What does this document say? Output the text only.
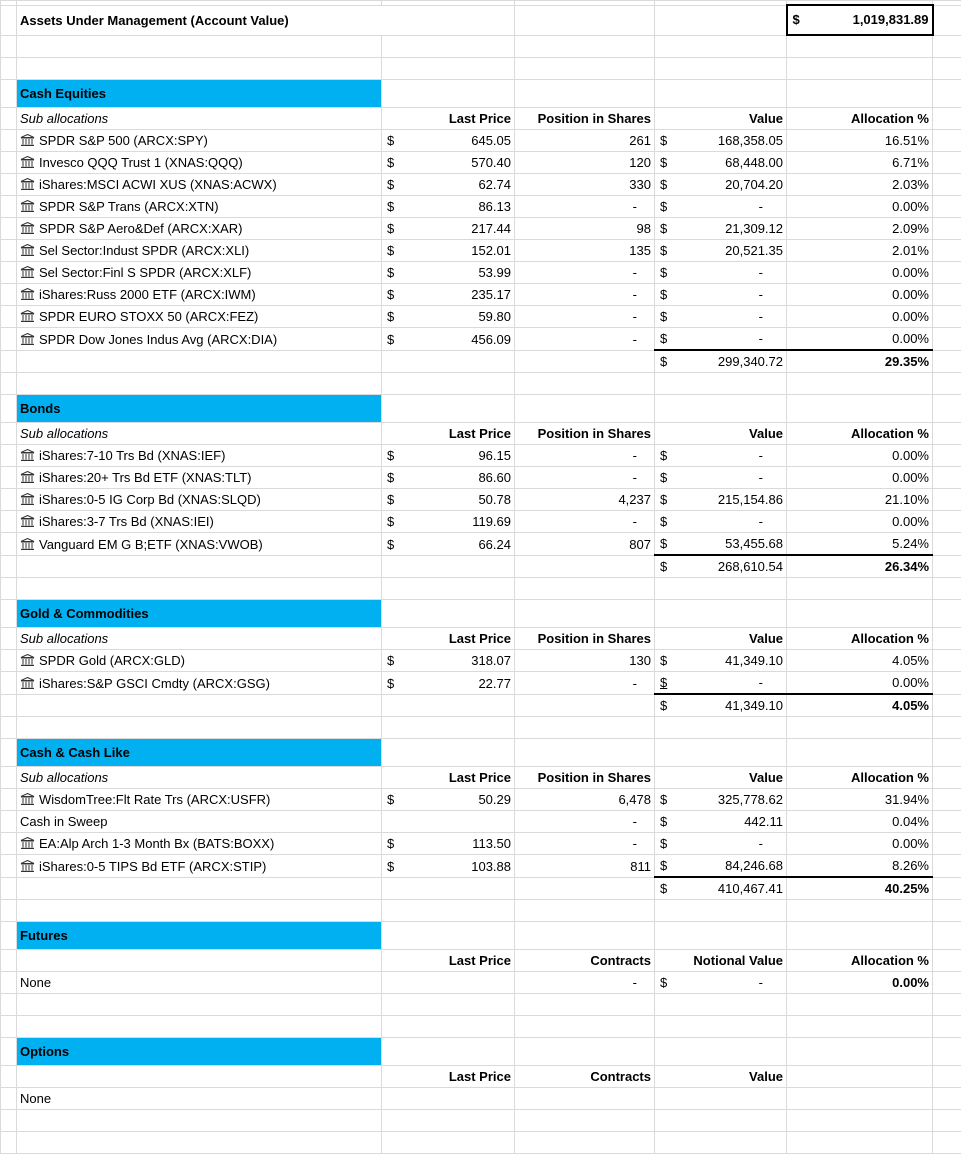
	Assets Under Management (Account Value)				$ 1,019,831.89	

	Cash Equities					
	Sub allocations	Last Price	Position in Shares	Value	Allocation %	
	SPDR S&P 500 (ARCX:SPY)	$ 645.05	261	$ 168,358.05	16.51%	
	Invesco QQQ Trust 1 (XNAS:QQQ)	$ 570.40	120	$ 68,448.00	6.71%	
	iShares:MSCI ACWI XUS (XNAS:ACWX)	$ 62.74	330	$ 20,704.20	2.03%	
	SPDR S&P Trans (ARCX:XTN)	$ 86.13	-	$ -	0.00%	
	SPDR S&P Aero&Def (ARCX:XAR)	$ 217.44	98	$ 21,309.12	2.09%	
	Sel Sector:Indust SPDR (ARCX:XLI)	$ 152.01	135	$ 20,521.35	2.01%	
	Sel Sector:Finl S SPDR (ARCX:XLF)	$ 53.99	-	$ -	0.00%	
	iShares:Russ 2000 ETF (ARCX:IWM)	$ 235.17	-	$ -	0.00%	
	SPDR EURO STOXX 50 (ARCX:FEZ)	$ 59.80	-	$ -	0.00%	
	SPDR Dow Jones Indus Avg (ARCX:DIA)	$ 456.09	-	$ -	0.00%	

				$ 299,340.72	29.35%	

	Bonds					
	Sub allocations	Last Price	Position in Shares	Value	Allocation %	
	iShares:7-10 Trs Bd (XNAS:IEF)	$ 96.15	-	$ -	0.00%	
	iShares:20+ Trs Bd ETF (XNAS:TLT)	$ 86.60	-	$ -	0.00%	
	iShares:0-5 IG Corp Bd (XNAS:SLQD)	$ 50.78	4,237	$ 215,154.86	21.10%	
	iShares:3-7 Trs Bd (XNAS:IEI)	$ 119.69	-	$ -	0.00%	
	Vanguard EM G B;ETF (XNAS:VWOB)	$ 66.24	807	$ 53,455.68	5.24%	

				$ 268,610.54	26.34%	

	Gold & Commodities					
	Sub allocations	Last Price	Position in Shares	Value	Allocation %	
	SPDR Gold (ARCX:GLD)	$ 318.07	130	$ 41,349.10	4.05%	
	iShares:S&P GSCI Cmdty (ARCX:GSG)	$ 22.77	-	$ -	0.00%	

				$ 41,349.10	4.05%	

	Cash & Cash Like					
	Sub allocations	Last Price	Position in Shares	Value	Allocation %	
	WisdomTree:Flt Rate Trs (ARCX:USFR)	$ 50.29	6,478	$ 325,778.62	31.94%	
	Cash in Sweep		-	$ 442.11	0.04%	
	EA:Alp Arch 1-3 Month Bx (BATS:BOXX)	$ 113.50	-	$ -	0.00%	
	iShares:0-5 TIPS Bd ETF (ARCX:STIP)	$ 103.88	811	$ 84,246.68	8.26%	

				$ 410,467.41	40.25%	

	Futures					
		Last Price	Contracts	Notional Value	Allocation %	
	None		-	$ -	0.00%	

	Options					
		Last Price	Contracts	Value		
	None					
